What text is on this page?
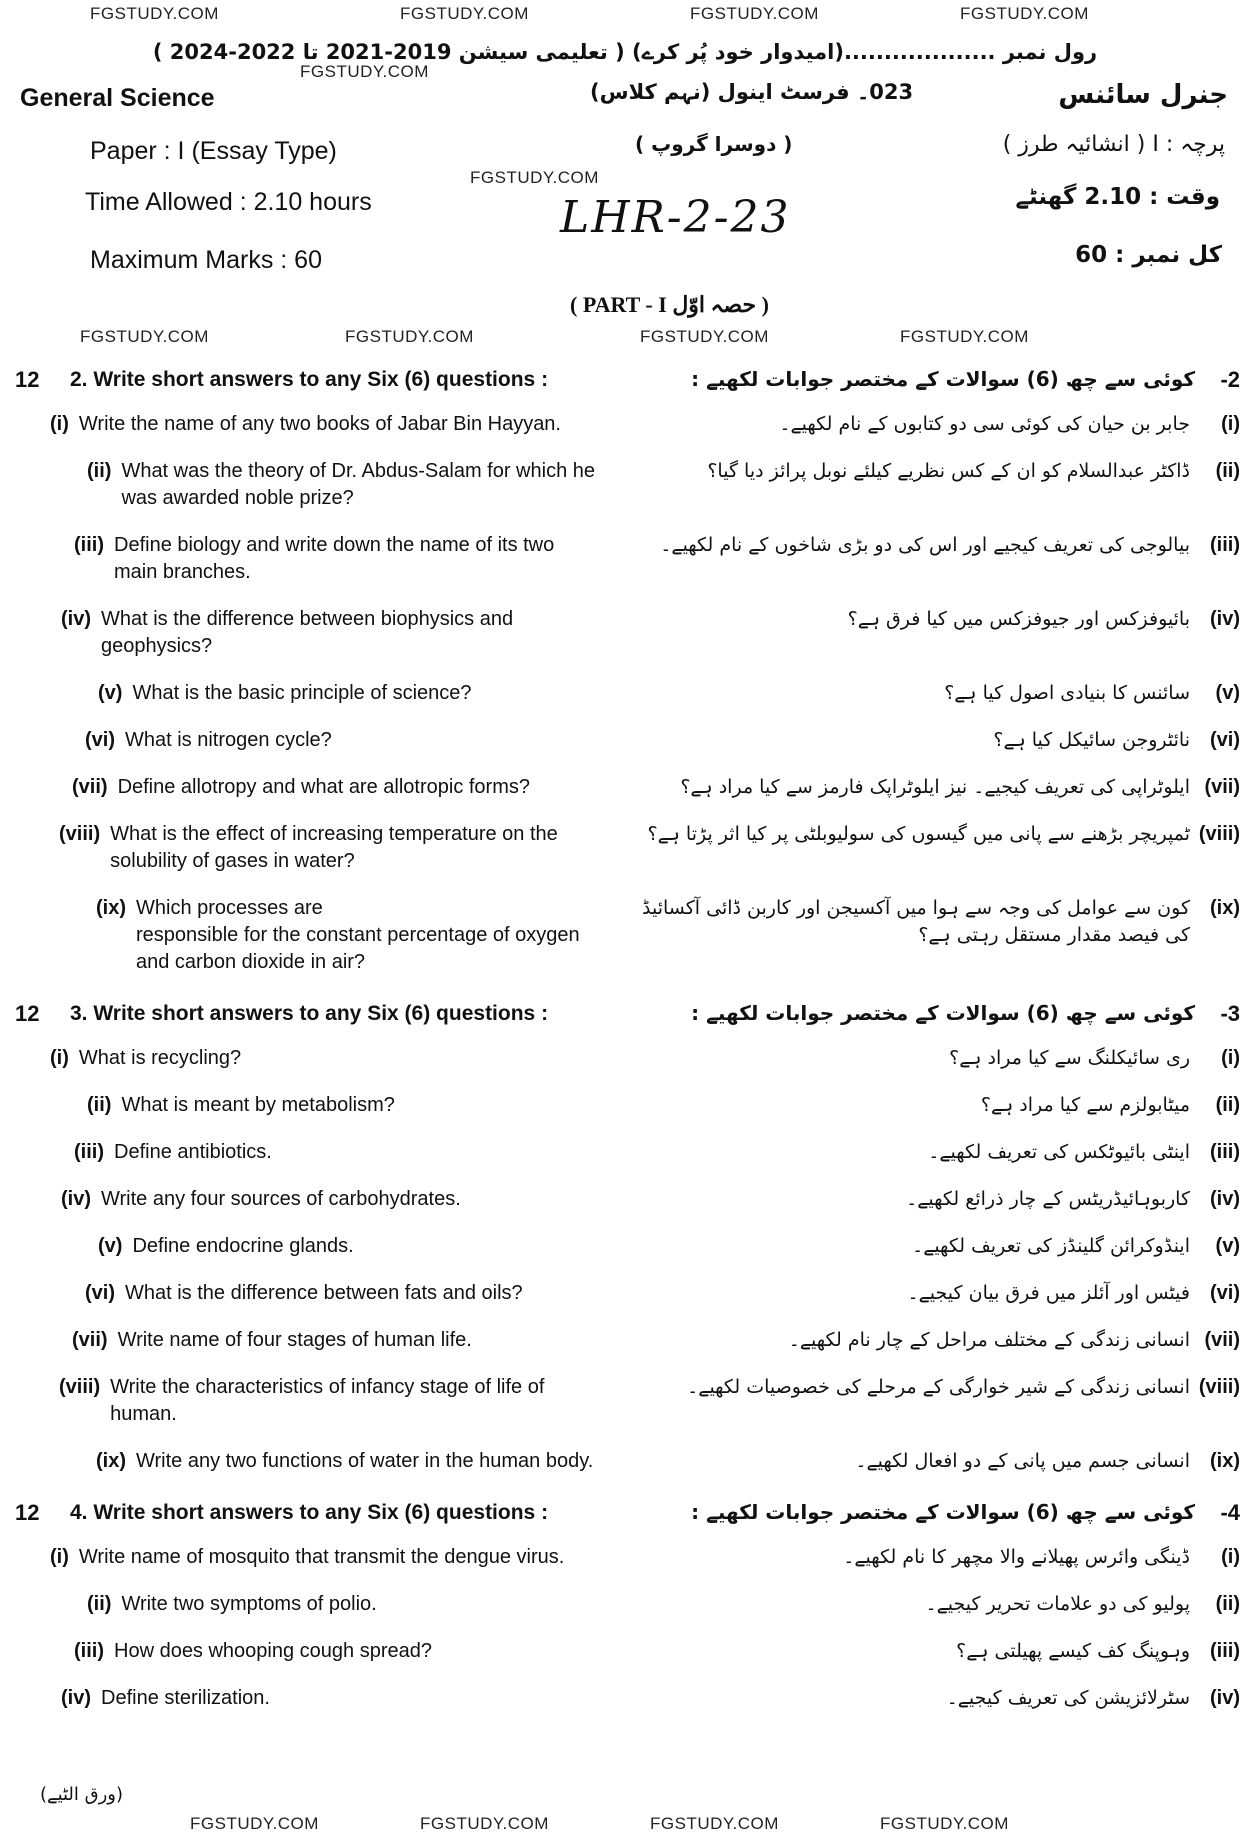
FGSTUDY.COM	FGSTUDY.COM	FGSTUDY.COM	FGSTUDY.COM
FGSTUDY.COM
FGSTUDY.COM
FGSTUDY.COM	FGSTUDY.COM	FGSTUDY.COM	FGSTUDY.COM
FGSTUDY.COM	FGSTUDY.COM	FGSTUDY.COM	FGSTUDY.COM
رول نمبر ...................(امیدوار خود پُر کرے) ( تعلیمی سیشن 2019-2021 تا 2022-2024 )
General Science	جنرل سائنس
023۔ فرسٹ اینول (نہم کلاس)
Paper : I (Essay Type)	پرچہ : I ( انشائیہ طرز )
( دوسرا گروپ )
Time Allowed : 2.10 hours	وقت : 2.10 گھنٹے
LHR-2-23
Maximum Marks : 60	کل نمبر : 60
( PART - I حصہ اوّل )
12	2. Write short answers to any Six (6) questions :	کوئی سے چھ (6) سوالات کے مختصر جوابات لکھیے :	-2
(i) Write the name of any two books of Jabar Bin Hayyan.	جابر بن حیان کی کوئی سی دو کتابوں کے نام لکھیے۔	(i)
(ii) What was the theory of Dr. Abdus-Salam for which he
was awarded noble prize?
ڈاکٹر عبدالسلام کو ان کے کس نظریے کیلئے نوبل پرائز دیا گیا؟	(ii)
(iii) Define biology and write down the name of its two
main branches.
بیالوجی کی تعریف کیجیے اور اس کی دو بڑی شاخوں کے نام لکھیے۔	(iii)
(iv) What is the difference between biophysics and geophysics?
بائیوفزکس اور جیوفزکس میں کیا فرق ہے؟	(iv)
(v) What is the basic principle of science?	سائنس کا بنیادی اصول کیا ہے؟	(v)
(vi) What is nitrogen cycle?	نائٹروجن سائیکل کیا ہے؟	(vi)
(vii) Define allotropy and what are allotropic forms?	ایلوٹراپی کی تعریف کیجیے۔ نیز ایلوٹراپک فارمز سے کیا مراد ہے؟ (vii)
(viii) What is the effect of increasing temperature on the
solubility of gases in water?
ٹمپریچر بڑھنے سے پانی میں گیسوں کی سولیوبلٹی پر کیا اثر پڑتا ہے؟ (viii)
(ix) Which processes are
responsible for the constant percentage of oxygen and carbon dioxide in air?
کون سے عوامل کی وجہ سے ہوا میں آکسیجن اور کاربن ڈائی آکسائیڈ کی فیصد مقدار مستقل رہتی ہے؟
(ix)
12	3. Write short answers to any Six (6) questions :	کوئی سے چھ (6) سوالات کے مختصر جوابات لکھیے :	-3
(i) What is recycling?	ری سائیکلنگ سے کیا مراد ہے؟	(i)
(ii) What is meant by metabolism?	میٹابولزم سے کیا مراد ہے؟	(ii)
(iii) Define antibiotics.	اینٹی بائیوٹکس کی تعریف لکھیے۔	(iii)
(iv) Write any four sources of carbohydrates.	کاربوہائیڈریٹس کے چار ذرائع لکھیے۔	(iv)
(v) Define endocrine glands.	اینڈوکرائن گلینڈز کی تعریف لکھیے۔	(v)
(vi) What is the difference between fats and oils?	فیٹس اور آئلز میں فرق بیان کیجیے۔	(vi)
(vii) Write name of four stages of human life.	انسانی زندگی کے مختلف مراحل کے چار نام لکھیے۔ (vii)
(viii) Write the characteristics of infancy stage of life of human.
انسانی زندگی کے شیر خوارگی کے مرحلے کی خصوصیات لکھیے۔ (viii)
(ix) Write any two functions of water in the human body.	انسانی جسم میں پانی کے دو افعال لکھیے۔	(ix)
12	4. Write short answers to any Six (6) questions :	کوئی سے چھ (6) سوالات کے مختصر جوابات لکھیے :	-4
(i) Write name of mosquito that transmit the dengue virus.	ڈینگی وائرس پھیلانے والا مچھر کا نام لکھیے۔	(i)
(ii) Write two symptoms of polio.	پولیو کی دو علامات تحریر کیجیے۔	(ii)
(iii) How does whooping cough spread?	وہوپنگ کف کیسے پھیلتی ہے؟	(iii)
(iv) Define sterilization.	سٹرلائزیشن کی تعریف کیجیے۔	(iv)
(ورق الٹیے)
